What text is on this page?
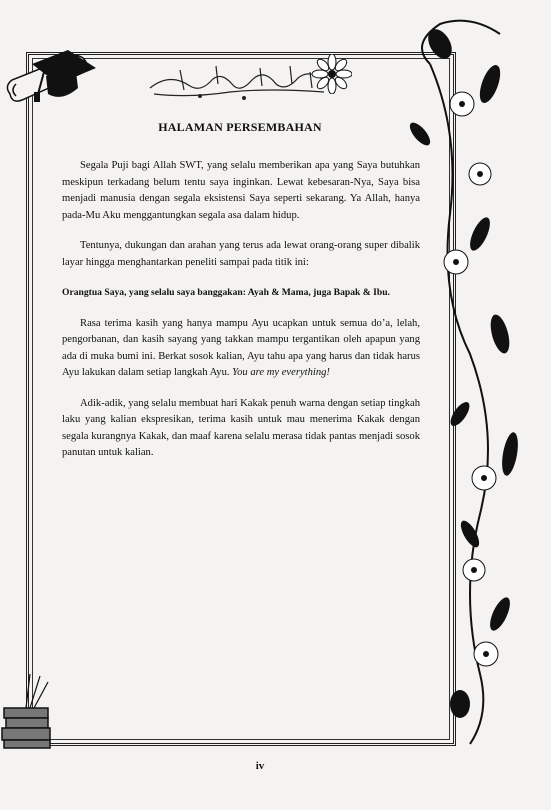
HALAMAN PERSEMBAHAN

Segala Puji bagi Allah SWT, yang selalu memberikan apa yang Saya butuhkan meskipun terkadang belum tentu saya inginkan. Lewat kebesaran-Nya, Saya bisa menjadi manusia dengan segala eksistensi Saya seperti sekarang. Ya Allah, hanya pada-Mu Aku menggantungkan segala asa dalam hidup.

Tentunya, dukungan dan arahan yang terus ada lewat orang-orang super dibalik layar hingga menghantarkan peneliti sampai pada titik ini:

Orangtua Saya, yang selalu saya banggakan: Ayah & Mama, juga Bapak & Ibu.

Rasa terima kasih yang hanya mampu Ayu ucapkan untuk semua do’a, lelah, pengorbanan, dan kasih sayang yang takkan mampu tergantikan oleh apapun yang ada di muka bumi ini. Berkat sosok kalian, Ayu tahu apa yang harus dan tidak harus Ayu lakukan dalam setiap langkah Ayu. You are my everything!

Adik-adik, yang selalu membuat hari Kakak penuh warna dengan setiap tingkah laku yang kalian ekspresikan, terima kasih untuk mau menerima Kakak dengan segala kurangnya Kakak, dan maaf karena selalu merasa tidak pantas menjadi sosok panutan untuk kalian.

iv
